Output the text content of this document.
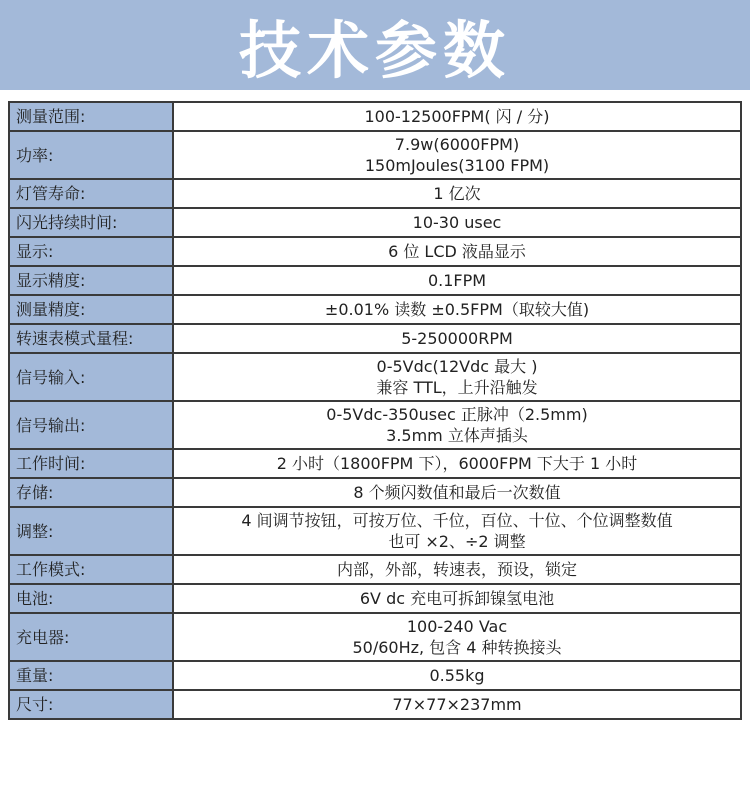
技术参数
测量范围:	100-12500FPM( 闪 / 分)

功率:	7.9w(6000FPM)
150mJoules(3100 FPM)

灯管寿命:	1 亿次

闪光持续时间:	10-30 usec

显示:	6 位 LCD 液晶显示

显示精度:	0.1FPM

测量精度:	±0.01% 读数 ±0.5FPM（取较大值)

转速表模式量程:	5-250000RPM

信号输入:	0-5Vdc(12Vdc 最大 )
兼容 TTL，上升沿触发

信号输出:	0-5Vdc-350usec 正脉冲（2.5mm)
3.5mm 立体声插头

工作时间:	2 小时（1800FPM 下），6000FPM 下大于 1 小时

存储:	8 个频闪数值和最后一次数值

调整:	4 间调节按钮，可按万位、千位，百位、十位、个位调整数值
也可 ×2、÷2 调整

工作模式:	内部，外部，转速表，预设，锁定

电池:	6V dc 充电可拆卸镍氢电池

充电器:	100-240 Vac
50/60Hz, 包含 4 种转换接头

重量:	0.55kg

尺寸:	77×77×237mm
